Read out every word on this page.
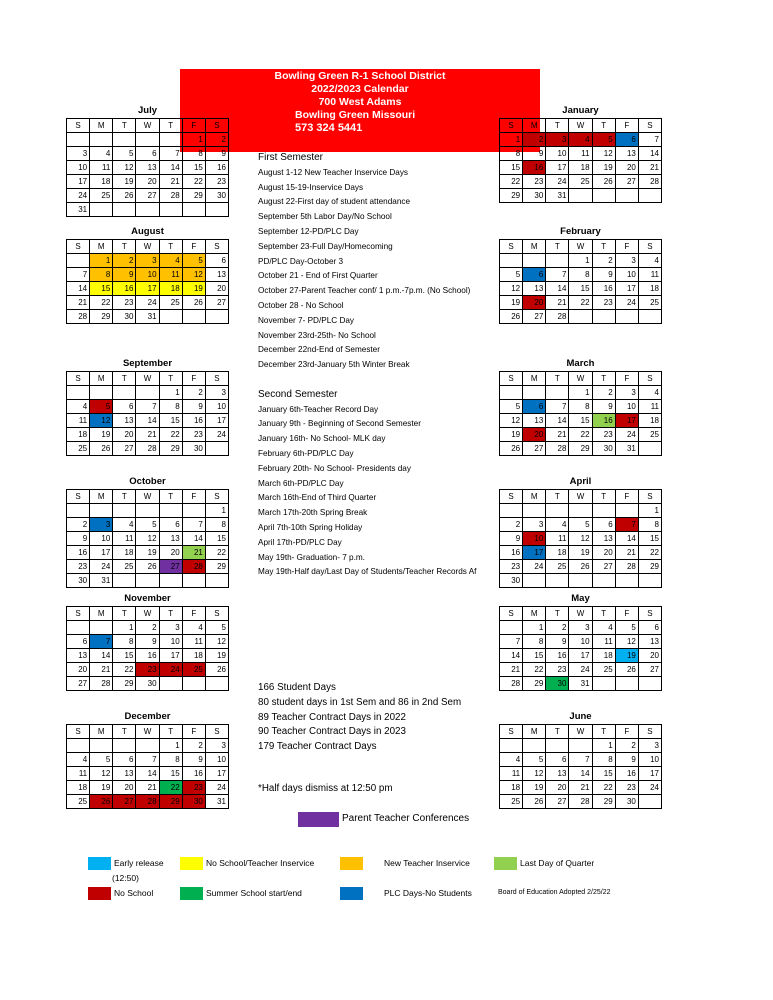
Bowling Green R-1 School District
2022/2023 Calendar
700 West Adams
Bowling Green Missouri
573 324 5441
July
S	M	T	W	T	F	S
					1	2
3	4	5	6	7	8	9
10	11	12	13	14	15	16
17	18	19	20	21	22	23
24	25	26	27	28	29	30
31						
August
S	M	T	W	T	F	S
	1	2	3	4	5	6
7	8	9	10	11	12	13
14	15	16	17	18	19	20
21	22	23	24	25	26	27
28	29	30	31			
September
S	M	T	W	T	F	S
				1	2	3
4	5	6	7	8	9	10
11	12	13	14	15	16	17
18	19	20	21	22	23	24
25	26	27	28	29	30	
October
S	M	T	W	T	F	S
						1
2	3	4	5	6	7	8
9	10	11	12	13	14	15
16	17	18	19	20	21	22
23	24	25	26	27	28	29
30	31					
November
S	M	T	W	T	F	S
		1	2	3	4	5
6	7	8	9	10	11	12
13	14	15	16	17	18	19
20	21	22	23	24	25	26
27	28	29	30			
December
S	M	T	W	T	F	S
				1	2	3
4	5	6	7	8	9	10
11	12	13	14	15	16	17
18	19	20	21	22	23	24
25	26	27	28	29	30	31
January
S	M	T	W	T	F	S
1	2	3	4	5	6	7
8	9	10	11	12	13	14
15	16	17	18	19	20	21
22	23	24	25	26	27	28
29	30	31				
February
S	M	T	W	T	F	S
			1	2	3	4
5	6	7	8	9	10	11
12	13	14	15	16	17	18
19	20	21	22	23	24	25
26	27	28				
March
S	M	T	W	T	F	S
			1	2	3	4
5	6	7	8	9	10	11
12	13	14	15	16	17	18
19	20	21	22	23	24	25
26	27	28	29	30	31	
April
S	M	T	W	T	F	S
						1
2	3	4	5	6	7	8
9	10	11	12	13	14	15
16	17	18	19	20	21	22
23	24	25	26	27	28	29
30						
May
S	M	T	W	T	F	S
	1	2	3	4	5	6
7	8	9	10	11	12	13
14	15	16	17	18	19	20
21	22	23	24	25	26	27
28	29	30	31			
June
S	M	T	W	T	F	S
				1	2	3
4	5	6	7	8	9	10
11	12	13	14	15	16	17
18	19	20	21	22	23	24
25	26	27	28	29	30	
First Semester
August 1-12 New Teacher Inservice Days
August 15-19-Inservice Days
August 22-First day of student attendance
September 5th Labor Day/No School
September 12-PD/PLC Day
September 23-Full Day/Homecoming
PD/PLC Day-October 3
October 21 - End of First Quarter
October 27-Parent Teacher conf/ 1 p.m.-7p.m. (No School)
October 28 - No School
November 7- PD/PLC Day
November 23rd-25th- No School
December 22nd-End of Semester
December 23rd-January 5th Winter Break
Second Semester
January 6th-Teacher Record Day
January 9th - Beginning of Second Semester
January 16th- No School- MLK day
February 6th-PD/PLC Day
February 20th- No School- Presidents day
March 6th-PD/PLC Day
March 16th-End of Third Quarter
March 17th-20th Spring Break
April 7th-10th Spring Holiday
April 17th-PD/PLC Day
May 19th- Graduation- 7 p.m.
May 19th-Half day/Last Day of Students/Teacher Records Af
166 Student Days
80 student days in 1st Sem and 86 in 2nd Sem
89 Teacher Contract Days in 2022
90 Teacher Contract Days in 2023
179 Teacher Contract Days
*Half days dismiss at 12:50 pm
Parent Teacher Conferences
Early release
(12:50)
No School/Teacher Inservice	New Teacher Inservice	Last Day of Quarter
No School	Summer School start/end	PLC Days-No Students	Board of Education Adopted 2/25/22
